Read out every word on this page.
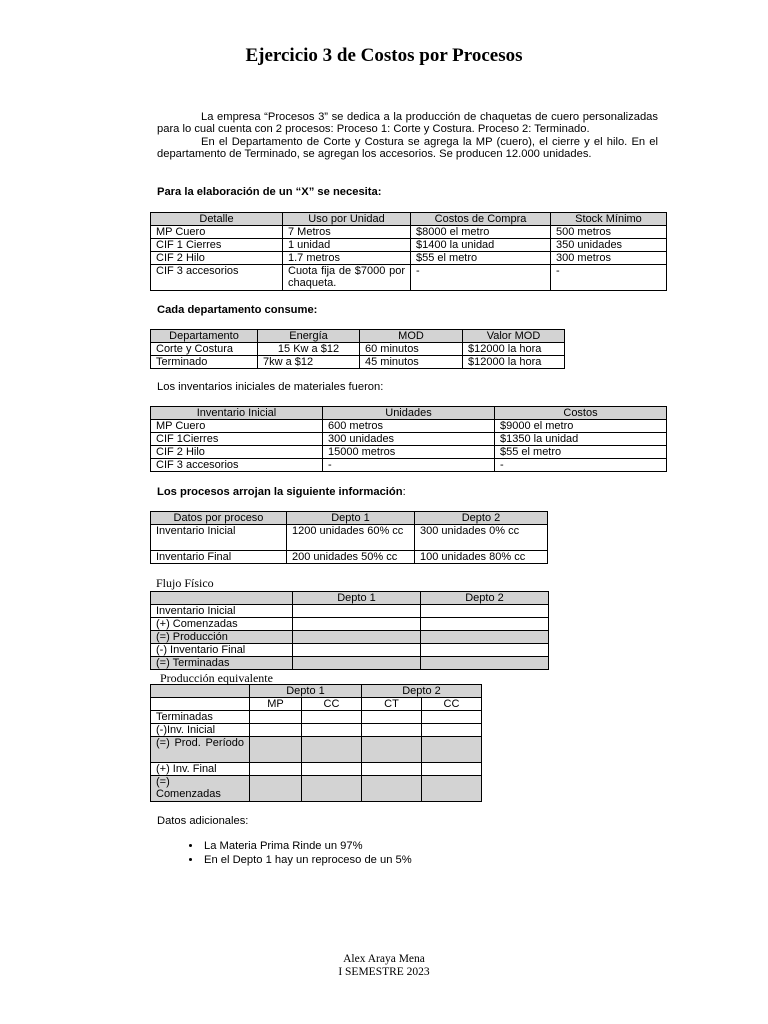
Ejercicio 3 de Costos por Procesos

La empresa “Procesos 3” se dedica a la producción de chaquetas de cuero personalizadas para lo cual cuenta con 2 procesos: Proceso 1: Corte y Costura. Proceso 2: Terminado.

En el Departamento de Corte y Costura se agrega la MP (cuero), el cierre y el hilo. En el departamento de Terminado, se agregan los accesorios. Se producen 12.000 unidades.

Para la elaboración de un “X” se necesita:
Detalle	Uso por Unidad	Costos de Compra	Stock Mínimo
MP Cuero	7 Metros	$8000 el metro	500 metros
CIF 1 Cierres	1 unidad	$1400 la unidad	350 unidades
CIF 2 Hilo	1.7 metros	$55 el metro	300 metros
CIF 3 accesorios	Cuota fija de $7000 por chaqueta.	-	-
Cada departamento consume:
Departamento	Energía	MOD	Valor MOD
Corte y Costura	15 Kw a $12	60 minutos	$12000 la hora
Terminado	7kw a $12	45 minutos	$12000 la hora
Los inventarios iniciales de materiales fueron:
Inventario Inicial	Unidades	Costos
MP Cuero	600 metros	$9000 el metro
CIF 1Cierres	300 unidades	$1350 la unidad
CIF 2 Hilo	15000 metros	$55 el metro
CIF 3 accesorios	-	-
Los procesos arrojan la siguiente información:
Datos por proceso	Depto 1	Depto 2
Inventario Inicial	1200 unidades 60% cc	300 unidades 0% cc
Inventario Final	200 unidades 50% cc	100 unidades 80% cc
Flujo Físico
	Depto 1	Depto 2
Inventario Inicial		
(+) Comenzadas		
(=) Producción		
(-) Inventario Final		
(=) Terminadas		
Producción equivalente
	Depto 1		Depto 2	
	MP	CC	CT	CC
Terminadas				
(-)Inv. Inicial				
(=) Prod. Período				
(+) Inv. Final				
(=) Comenzadas				
Datos adicionales:
• La Materia Prima Rinde un 97%
• En el Depto 1 hay un reproceso de un 5%
Alex Araya Mena
I SEMESTRE 2023
